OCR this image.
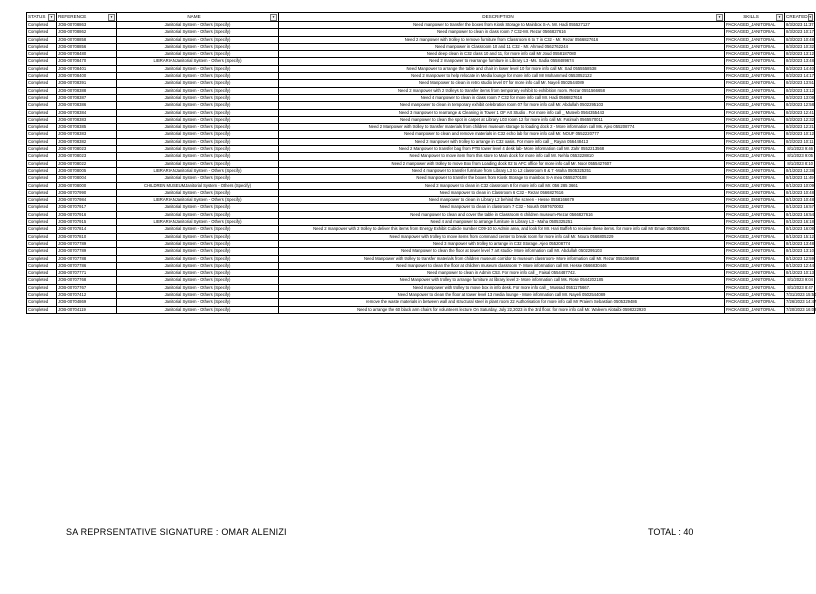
STATUS ▾	REFERENCE ▾	NAME ▾	DESCRIPTION ▾		SKILLS ▾		CREATED ▾

Completed	JOB-00708863	Janitorial System - Others (Specify)	Need manpower to transfer the boxes from Kiosk Storage to Mainbox S-A. Mr. Hadi 055527127		PACKAGED_JANITORIAL		8/3/2023 11:37
Completed	JOB-00708862	Janitorial System - Others (Specify)	Need manpower to clean in class room 7 C32-Mr. Rezar 0566827616		PACKAGED_JANITORIAL		8/3/2023 10:17
Completed	JOB-00708858	Janitorial System - Others (Specify)	Need 2 manpower with trolley to remove furniture from Classroom 6 to 7 in C32 - Mr. Rezar 0566827616		PACKAGED_JANITORIAL		8/3/2023 10:48
Completed	JOB-00708856	Janitorial System - Others (Specify)	Need manpower in Classroom 10 and 11 C32 - Mr. Ahmed 0562762244		PACKAGED_JANITORIAL		8/3/2023 10:32
Completed	JOB-00708480	Janitorial System - Others (Specify)	Need deep clean in C32 class 10 and 11, for more info call Mr Joud 0558187080		PACKAGED_JANITORIAL		8/2/2023 13:12
Completed	JOB-00708470	LIBRARIANJanitorial System - Others (Specify)	Need 2 manpower to rearrange furniture in Library L3 -Ms. Sadia 0558489674		PACKAGED_JANITORIAL		8/2/2023 13:48
Completed	JOB-00708401	Janitorial System - Others (Specify)	Need Manpower to arrange the table and chair in lower level 10 for more info call Mr. Sad 0555558538		PACKAGED_JANITORIAL		8/2/2023 14:40
Completed	JOB-00708400	Janitorial System - Others (Specify)	Need 2 manpower to help relocate in Media lounge for more info call Mr Mohammed 0553052122		PACKAGED_JANITORIAL		8/2/2023 14:17
Completed	JOB-00708391	Janitorial System - Others (Specify)	Need Manpower to clean in retro studio level 07 for more info call Mr. Nayeli 0502544089		PACKAGED_JANITORIAL		8/2/2023 13:51
Completed	JOB-00708388	Janitorial System - Others (Specify)	Need 2 manpower with 2 trolleys to transfer items from temporary exhibit to exhibition room. Rezar 0551566658		PACKAGED_JANITORIAL		8/2/2023 13:12
Completed	JOB-00708387	Janitorial System - Others (Specify)	Need 4 manpower to clean in class room 7 C32 for more info call Mr. Hadi 0566827616		PACKAGED_JANITORIAL		8/2/2023 13:08
Completed	JOB-00708386	Janitorial System - Others (Specify)	Need manpower to clean in temporary exhibit celebration room 07 for more info call Mr. Abdullah 0502295103		PACKAGED_JANITORIAL		8/2/2023 12:58
Completed	JOB-00708384	Janitorial System - Others (Specify)	Need 3 manpower to rearrange & Cleaning in Tower 1 OF Art Studio . For more info call _ Muteeb 0564355443		PACKAGED_JANITORIAL		8/2/2023 12:41
Completed	JOB-00708383	Janitorial System - Others (Specify)	Need manpower to clean the spot in carpet at Library L03 room 12 for more info call Mr. Fatimah 0565570011		PACKAGED_JANITORIAL		8/2/2023 12:32
Completed	JOB-00708385	Janitorial System - Others (Specify)	Need 2 Manpower with trolley to transfer materials from children museum storage to loading dock 2 - More information call Ms. Ajeo 055208774		PACKAGED_JANITORIAL		8/2/2023 12:21
Completed	JOB-00708383	Janitorial System - Others (Specify)	Need manpower to clean and remove materials in C32 echo lab for more info call Mr. NOUF 0552220777		PACKAGED_JANITORIAL		8/2/2023 10:12
Completed	JOB-00708382	Janitorial System - Others (Specify)	Need 2 manpower with trolley to arrange in C32 oasis. For more info call _ Rayan 056448413		PACKAGED_JANITORIAL		8/2/2023 10:11
Completed	JOB-00708023	Janitorial System - Others (Specify)	Need 2 Manpower to transfer bag from PTB tower level 4 desk lab- More information call Mr. Zahr 0552213568		PACKAGED_JANITORIAL		8/1/2023 9:46
Completed	JOB-00708023	Janitorial System - Others (Specify)	Need Manpower to move item from this store to Main dock for more info call Mr. Nehla 0553228810		PACKAGED_JANITORIAL		8/1/2023 9:05
Completed	JOB-00708022	Janitorial System - Others (Specify)	Need 2 manpower with trolley to move Box from Loading dock 02 to AFC office for more info call Mr. Noor 0555427607		PACKAGED_JANITORIAL		8/1/2023 8:10
Completed	JOB-00708005	LIBRARIANJanitorial System - Others (Specify)	Need 4 manpower to transfer furniture from Library L3 to L2 classroom 8 & 7 -Maha 0505325251		PACKAGED_JANITORIAL		8/1/2023 12:38
Completed	JOB-00708004	Janitorial System - Others (Specify)	Need manpower to transfer the boxes from Kiosk Storage to mainbox S-A mea 0555270108		PACKAGED_JANITORIAL		8/1/2023 11:49
Completed	JOB-00708000	CHILDREN MUSEUMJanitorial System - Others (Specify)	Need 2 manpower to clean in C32 classroom 8 for more info call Mr. 056 285 3661		PACKAGED_JANITORIAL		8/1/2023 10:09
Completed	JOB-00707990	Janitorial System - Others (Specify)	Need manpower to clean in Classroom 6 C32 - Rezar 0566827616		PACKAGED_JANITORIAL		8/1/2023 10:48
Completed	JOB-00707984	LIBRARIANJanitorial System - Others (Specify)	Need manpower to clean in Library L2 behind the screen - Hesse 0558166679		PACKAGED_JANITORIAL		8/1/2023 10:48
Completed	JOB-00707917	Janitorial System - Others (Specify)	Need manpower to clean in classroom 7 C32 - Noush 0597670002		PACKAGED_JANITORIAL		8/1/2023 16:57
Completed	JOB-00707916	Janitorial System - Others (Specify)	Need manpower to clean and cover the table in Classroom 6 children museum-Rezar 0566827616		PACKAGED_JANITORIAL		8/1/2023 16:54
Completed	JOB-00707915	LIBRARIANJanitorial System - Others (Specify)	Need 4 and manpower to arrange furniture in Library L3 - Maha 0505325251		PACKAGED_JANITORIAL		8/1/2023 16:18
Completed	JOB-00707814	Janitorial System - Others (Specify)	Need 2 manpower with 2 trolley to deliver this items from Energy Exhibit Cubicle number C09-10 to Admin area, and look for Mr. Hari Baffeh to receive these items. for more info call Mr Eman 0505560591		PACKAGED_JANITORIAL		8/1/2023 16:08
Completed	JOB-00707810	Janitorial System - Others (Specify)	Need manpower with trolley to move items from command center to break room for more info call Mr. Noura 0566805229		PACKAGED_JANITORIAL		8/1/2023 15:12
Completed	JOB-00707789	Janitorial System - Others (Specify)	Need 3 manpower with trolley to arrange in C32 Storage. Ajeo 055208774		PACKAGED_JANITORIAL		8/1/2023 13:48
Completed	JOB-00707789	Janitorial System - Others (Specify)	Need Manpower to clean the floor at tower level 7 art studio- More information call Mr. Abdullah 0502295103		PACKAGED_JANITORIAL		8/1/2023 13:10
Completed	JOB-00707788	Janitorial System - Others (Specify)	Need Manpower with trolley to transfer materials from children museum corridor to museum classroom- More information call Mr. Rezar 0551566658		PACKAGED_JANITORIAL		8/1/2023 12:59
Completed	JOB-00707786	Janitorial System - Others (Specify)	Need manpower to clean the floor at children museum classroom 7- More information call Mr. Hesse 0566830446		PACKAGED_JANITORIAL		8/1/2023 12:44
Completed	JOB-00707771	Janitorial System - Others (Specify)	Need manpower to clean in Admin C53. For more info call _ Faisal 0554487742.		PACKAGED_JANITORIAL		8/1/2023 10:13
Completed	JOB-00707768	Janitorial System - Others (Specify)	Need Manpower with trolley to arrange furniture at library level 2- More information call Ms. Rose 0544202185		PACKAGED_JANITORIAL		8/1/2023 9:04
Completed	JOB-00707767	Janitorial System - Others (Specify)	Need manpower with trolley to move box in info desk. For more info call _ Mussad 0551175667.		PACKAGED_JANITORIAL		8/1/2023 8:47
Completed	JOB-00707412	Janitorial System - Others (Specify)	Need Manpower to clean the floor at tower level 13 media lounge - More information call Mr. Nayeli 0502544089		PACKAGED_JANITORIAL		7/31/2023 15:50
Completed	JOB-00704869	Janitorial System - Others (Specify)	remove the waste materials in between wall and structural steel in plant room 22 Authorisation for more info call Mr Praiem Sebastian 0505329486		PACKAGED_JANITORIAL		7/26/2023 14:47
Completed	JOB-00704119	Janitorial System - Others (Specify)	Need to arrange the 60 black arm chairs for volunteers lecture On Saturday, July 22,2023 in the 3rd floor. for more info call Mr. Waleem Alotaibi 0598222920		PACKAGED_JANITORIAL		7/20/2023 16:09
SA REPRSENTATIVE SIGNATURE : OMAR ALENIZI	TOTAL : 40
